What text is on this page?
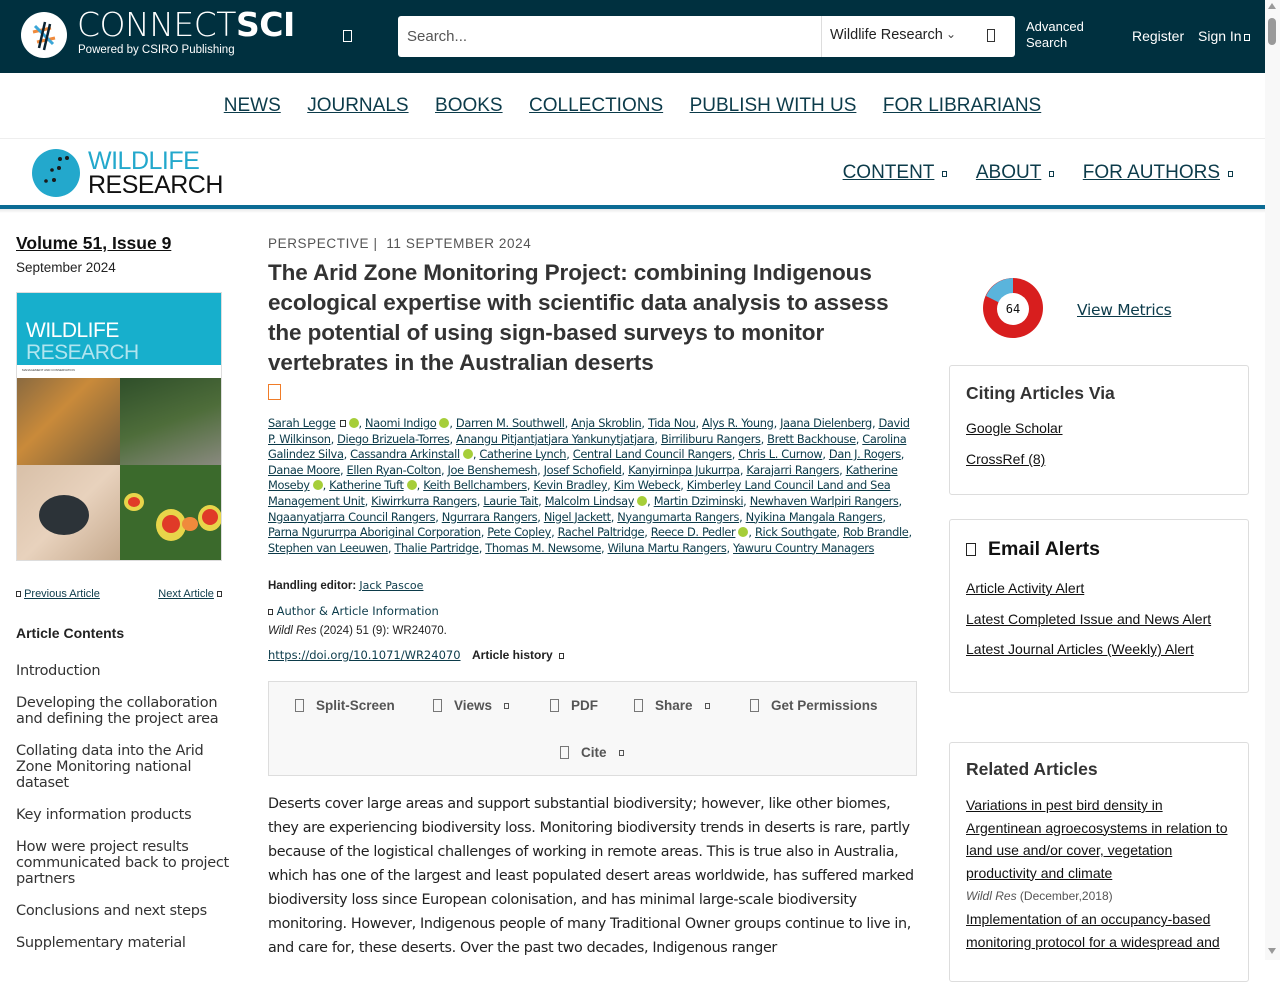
CONNECTSCI
Powered by CSIRO Publishing
Search...
Wildlife Research ⌄	Advanced
Search	Register Sign In
NEWS JOURNALS BOOKS COLLECTIONS PUBLISH WITH US FOR LIBRARIANS
WILDLIFE
RESEARCH	CONTENT ABOUT FOR AUTHORS
Volume 51, Issue 9
September 2024
WILDLIFE
RESEARCH
MANAGEMENT AND CONSERVATION
Previous Article	Next Article
Article Contents
Introduction
Developing the collaboration and defining the project area
Collating data into the Arid Zone Monitoring national dataset
Key information products
How were project results communicated back to project partners
Conclusions and next steps
Supplementary material
PERSPECTIVE | 11 SEPTEMBER 2024
The Arid Zone Monitoring Project: combining Indigenous ecological expertise with scientific data analysis to assess the potential of using sign-based surveys to monitor vertebrates in the Australian deserts
Sarah Legge , Naomi Indigo , Darren M. Southwell, Anja Skroblin, Tida Nou, Alys R. Young, Jaana Dielenberg, David P. Wilkinson, Diego Brizuela-Torres, Anangu Pitjantjatjara Yankunytjatjara, Birriliburu Rangers, Brett Backhouse, Carolina Galindez Silva, Cassandra Arkinstall , Catherine Lynch, Central Land Council Rangers, Chris L. Curnow, Dan J. Rogers, Danae Moore, Ellen Ryan-Colton, Joe Benshemesh, Josef Schofield, Kanyirninpa Jukurrpa, Karajarri Rangers, Katherine Moseby , Katherine Tuft , Keith Bellchambers, Kevin Bradley, Kim Webeck, Kimberley Land Council Land and Sea Management Unit, Kiwirrkurra Rangers, Laurie Tait, Malcolm Lindsay , Martin Dziminski, Newhaven Warlpiri Rangers, Ngaanyatjarra Council Rangers, Ngurrara Rangers, Nigel Jackett, Nyangumarta Rangers, Nyikina Mangala Rangers, Parna Ngururrpa Aboriginal Corporation, Pete Copley, Rachel Paltridge, Reece D. Pedler , Rick Southgate, Rob Brandle, Stephen van Leeuwen, Thalie Partridge, Thomas M. Newsome, Wiluna Martu Rangers, Yawuru Country Managers
Handling editor: Jack Pascoe
Author & Article Information
Wildl Res (2024) 51 (9): WR24070.
https://doi.org/10.1071/WR24070 Article history
Split-Screen	Views	PDF	Share	Get Permissions
Cite

Deserts cover large areas and support substantial biodiversity; however, like other biomes, they are experiencing biodiversity loss. Monitoring biodiversity trends in deserts is rare, partly because of the logistical challenges of working in remote areas. This is true also in Australia, which has one of the largest and least populated desert areas worldwide, has suffered marked biodiversity loss since European colonisation, and has minimal large-scale biodiversity monitoring. However, Indigenous people of many Traditional Owner groups continue to live in, and care for, these deserts. Over the past two decades, Indigenous ranger

64	View Metrics
Citing Articles Via
Google Scholar
CrossRef (8)
Email Alerts
Article Activity Alert
Latest Completed Issue and News Alert
Latest Journal Articles (Weekly) Alert
Related Articles
Variations in pest bird density in Argentinean agroecosystems in relation to land use and/or cover, vegetation productivity and climate
Wildl Res (December,2018)
Implementation of an occupancy-based monitoring protocol for a widespread and
